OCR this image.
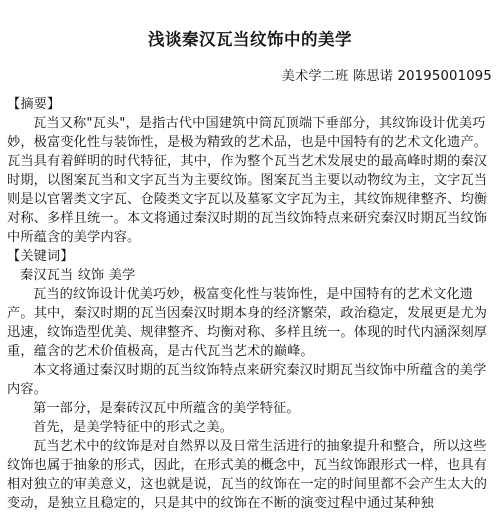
浅谈秦汉瓦当纹饰中的美学
美术学二班 陈思诺 20195001095

【摘要】

瓦当又称"瓦头"，是指古代中国建筑中筒瓦顶端下垂部分，其纹饰设计优美巧妙，极富变化性与装饰性，是极为精致的艺术品，也是中国特有的艺术文化遗产。瓦当具有着鲜明的时代特征，其中，作为整个瓦当艺术发展史的最高峰时期的秦汉时期，以图案瓦当和文字瓦当为主要纹饰。图案瓦当主要以动物纹为主，文字瓦当则是以官署类文字瓦、仓陵类文字瓦以及墓冢文字瓦为主，其纹饰规律整齐、均衡对称、多样且统一。本文将通过秦汉时期的瓦当纹饰特点来研究秦汉时期瓦当纹饰中所蕴含的美学内容。

【关键词】

秦汉瓦当 纹饰 美学

瓦当的纹饰设计优美巧妙，极富变化性与装饰性，是中国特有的艺术文化遗产。其中，秦汉时期的瓦当因秦汉时期本身的经济繁荣，政治稳定，发展更是尤为迅速，纹饰造型优美、规律整齐、均衡对称、多样且统一。体现的时代内涵深刻厚重，蕴含的艺术价值极高，是古代瓦当艺术的巅峰。

本文将通过秦汉时期的瓦当纹饰特点来研究秦汉时期瓦当纹饰中所蕴含的美学内容。

第一部分，是秦砖汉瓦中所蕴含的美学特征。

首先，是美学特征中的形式之美。

瓦当艺术中的纹饰是对自然界以及日常生活进行的抽象提升和整合，所以这些纹饰也属于抽象的形式，因此，在形式美的概念中，瓦当纹饰跟形式一样，也具有相对独立的审美意义，这也就是说，瓦当的纹饰在一定的时间里都不会产生太大的变动，是独立且稳定的，只是其中的纹饰在不断的演变过程中通过某种独
